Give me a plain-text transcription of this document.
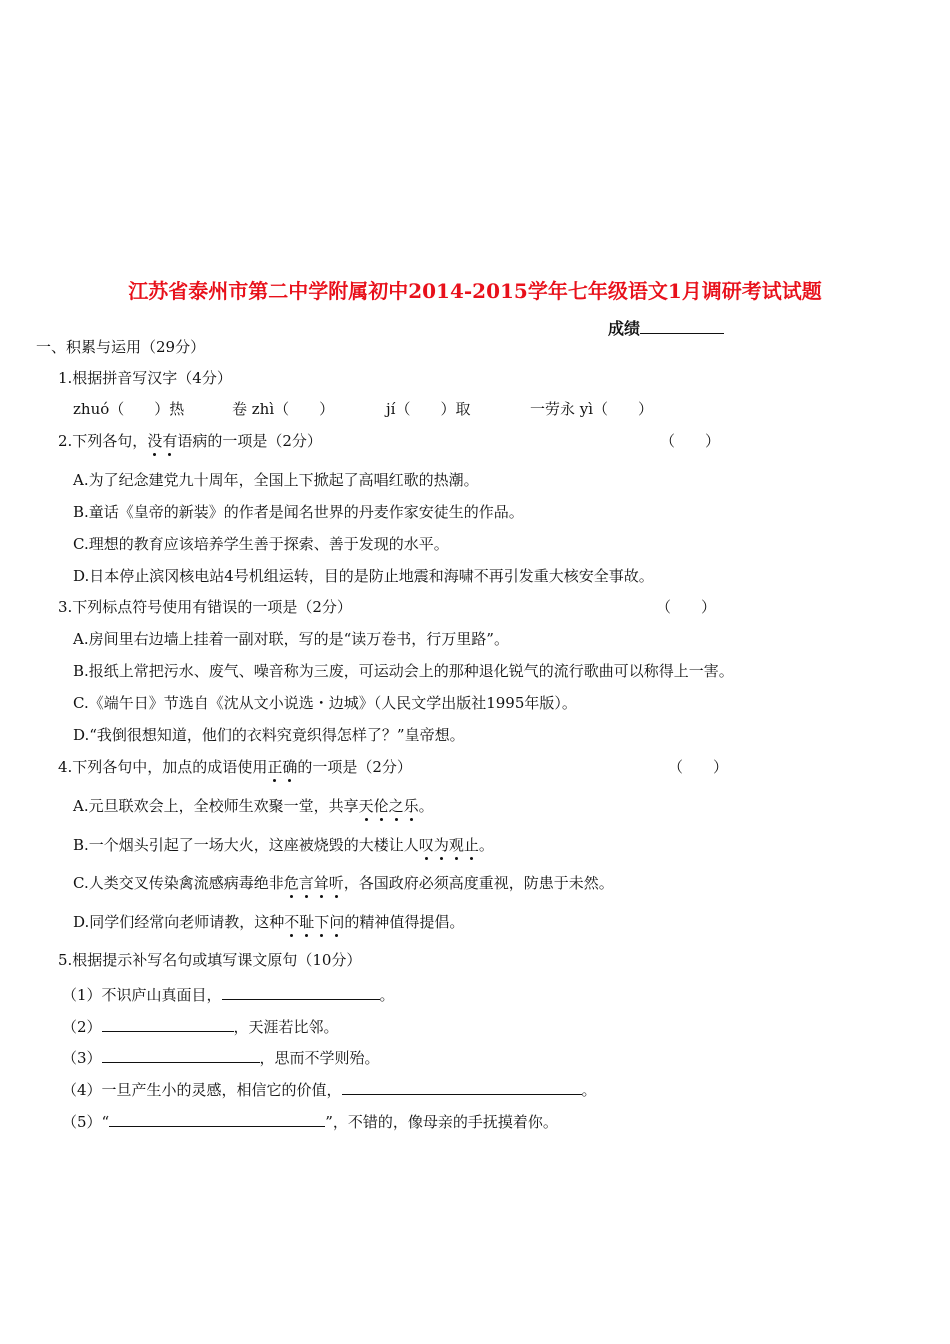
江苏省泰州市第二中学附属初中2014-2015学年七年级语文1月调研考试试题
成绩
一、积累与运用（29分）
1.根据拼音写汉字（4分）
zhuó（　　）热	卷 zhì（　　）	jí（　　）取	一劳永 yì（　　）
2.下列各句，没有语病的一项是（2分）	（　　）
A.为了纪念建党九十周年，全国上下掀起了高唱红歌的热潮。
B.童话《皇帝的新装》的作者是闻名世界的丹麦作家安徒生的作品。
C.理想的教育应该培养学生善于探索、善于发现的水平。
D.日本停止滨冈核电站4号机组运转，目的是防止地震和海啸不再引发重大核安全事故。
3.下列标点符号使用有错误的一项是（2分）	（　　）
A.房间里右边墙上挂着一副对联，写的是“读万卷书，行万里路”。
B.报纸上常把污水、废气、噪音称为三废，可运动会上的那种退化锐气的流行歌曲可以称得上一害。
C.《端午日》节选自《沈从文小说选・边城》（人民文学出版社1995年版）。
D.“我倒很想知道，他们的衣料究竟织得怎样了？”皇帝想。
4.下列各句中，加点的成语使用正确的一项是（2分）	（　　）
A.元旦联欢会上，全校师生欢聚一堂，共享天伦之乐。
B.一个烟头引起了一场大火，这座被烧毁的大楼让人叹为观止。
C.人类交叉传染禽流感病毒绝非危言耸听，各国政府必须高度重视，防患于未然。
D.同学们经常向老师请教，这种不耻下问的精神值得提倡。
5.根据提示补写名句或填写课文原句（10分）
（1）不识庐山真面目，	。
（2）	，天涯若比邻。
（3）	，思而不学则殆。
（4）一旦产生小的灵感，相信它的价值，	。
（5）“	”，不错的，像母亲的手抚摸着你。
